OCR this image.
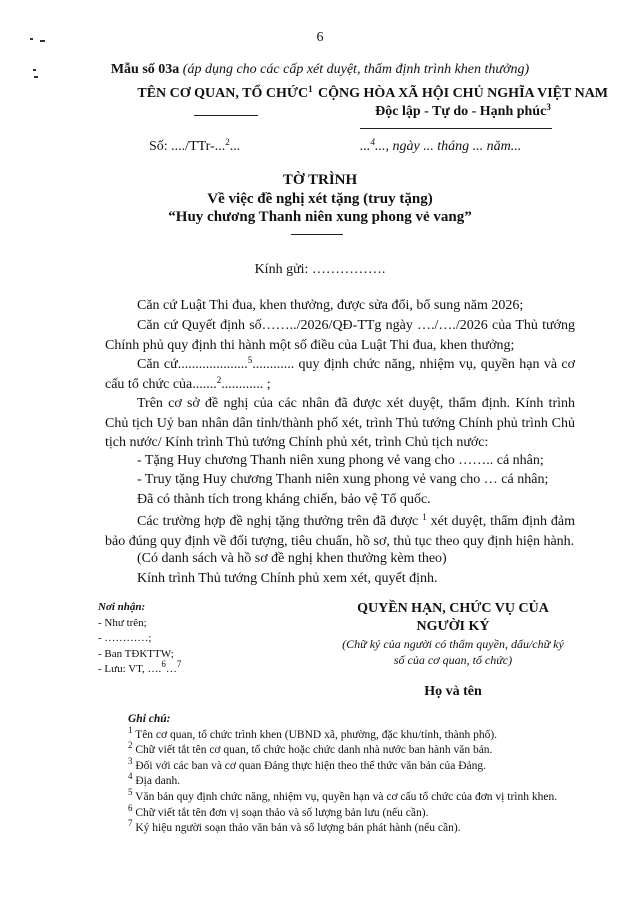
6
Mẫu số 03a (áp dụng cho các cấp xét duyệt, thẩm định trình khen thưởng)
TÊN CƠ QUAN, TỔ CHỨC$^1$ CỘNG HÒA XÃ HỘI CHỦ NGHĨA VIỆT NAM
Độc lập - Tự do - Hạnh phúc$^3$
Số: ..../TTr-...$^2$...	...$^4$..., ngày ... tháng ... năm...
TỜ TRÌNH
Về việc đề nghị xét tặng (truy tặng)
“Huy chương Thanh niên xung phong vẻ vang”
Kính gửi: …………….
Căn cứ Luật Thi đua, khen thưởng, được sửa đổi, bổ sung năm 2026;
Căn cứ Quyết định số……../2026/QĐ-TTg ngày …./…./2026 của Thủ tướng Chính phủ quy định thi hành một số điều của Luật Thi đua, khen thưởng;
Căn cứ....................$^5$............ quy định chức năng, nhiệm vụ, quyền hạn và cơ cấu tổ chức của.......$^2$............ ;
Trên cơ sở đề nghị của các nhân đã được xét duyệt, thẩm định. Kính trình Chủ tịch Uỷ ban nhân dân tỉnh/thành phố xét, trình Thủ tướng Chính phủ trình Chủ tịch nước/ Kính trình Thủ tướng Chính phủ xét, trình Chủ tịch nước:
- Tặng Huy chương Thanh niên xung phong vẻ vang cho …….. cá nhân;
- Truy tặng Huy chương Thanh niên xung phong vẻ vang cho … cá nhân;
Đã có thành tích trong kháng chiến, bảo vệ Tổ quốc.
Các trường hợp đề nghị tặng thưởng trên đã được $^1$ xét duyệt, thẩm định đảm bảo đúng quy định về đối tượng, tiêu chuẩn, hồ sơ, thủ tục theo quy định hiện hành.
(Có danh sách và hồ sơ đề nghị khen thưởng kèm theo)
Kính trình Thủ tướng Chính phủ xem xét, quyết định.
Nơi nhận:
- Như trên;
- …………;
- Ban TĐKTTW;
- Lưu: VT, ….$^6$…$^7$
QUYỀN HẠN, CHỨC VỤ CỦA NGƯỜI KÝ
(Chữ ký của người có thẩm quyền, dấu/chữ ký số của cơ quan, tổ chức)
Họ và tên
Ghi chú:
$^1$ Tên cơ quan, tổ chức trình khen (UBND xã, phường, đặc khu/tỉnh, thành phố).
$^2$ Chữ viết tắt tên cơ quan, tổ chức hoặc chức danh nhà nước ban hành văn bản.
$^3$ Đối với các ban và cơ quan Đảng thực hiện theo thể thức văn bản của Đảng.
$^4$ Địa danh.
$^5$ Văn bản quy định chức năng, nhiệm vụ, quyền hạn và cơ cấu tổ chức của đơn vị trình khen.
$^6$ Chữ viết tắt tên đơn vị soạn thảo và số lượng bản lưu (nếu cần).
$^7$ Ký hiệu người soạn thảo văn bản và số lượng bản phát hành (nếu cần).
